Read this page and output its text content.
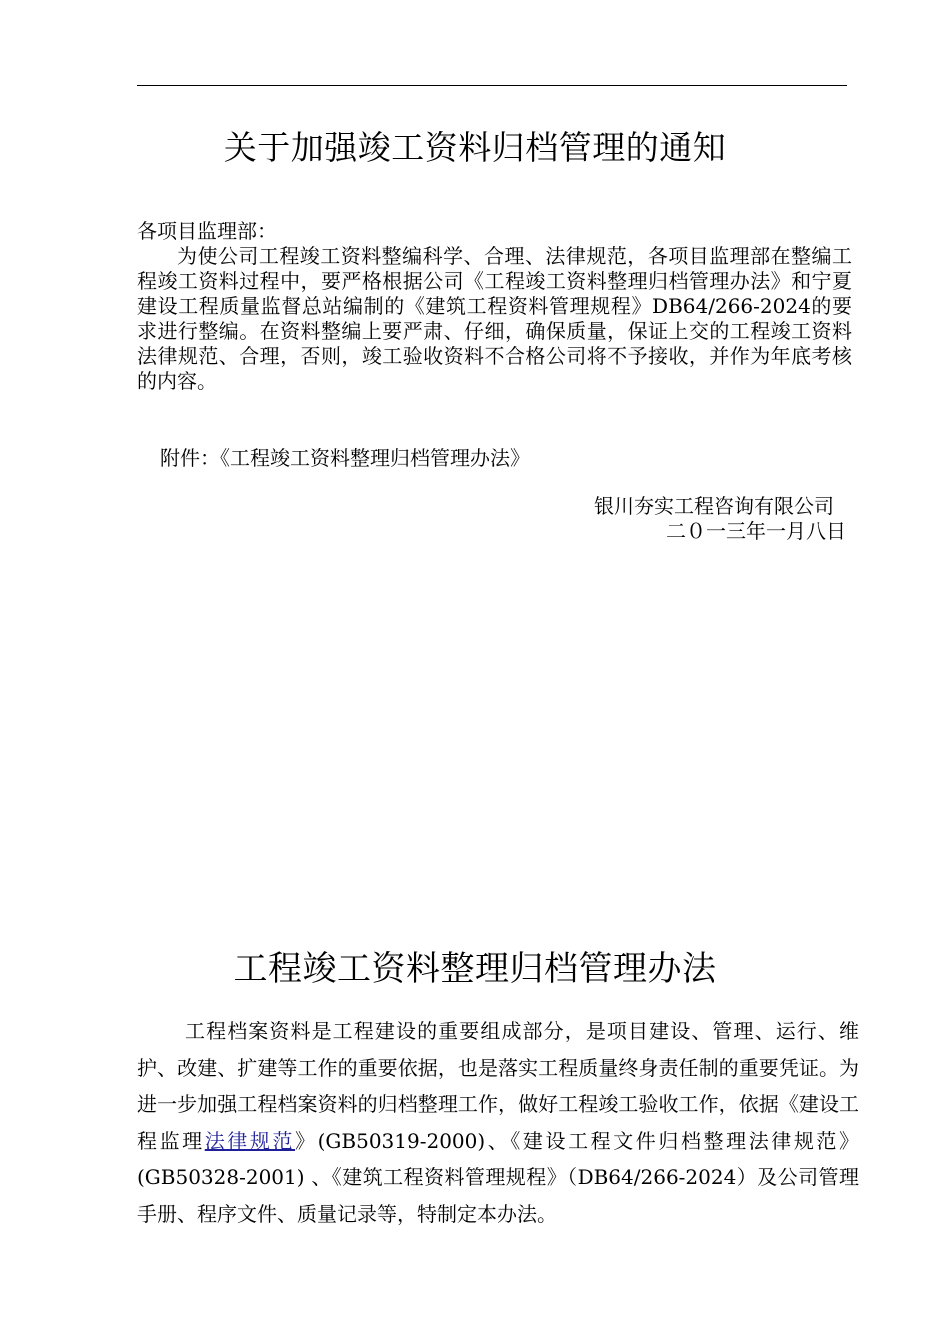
关于加强竣工资料归档管理的通知

各项目监理部：

为使公司工程竣工资料整编科学、合理、法律规范，各项目监理部在整编工程竣工资料过程中，要严格根据公司《工程竣工资料整理归档管理办法》和宁夏建设工程质量监督总站编制的《建筑工程资料管理规程》DB64/266-2024的要求进行整编。在资料整编上要严肃、仔细，确保质量，保证上交的工程竣工资料法律规范、合理，否则，竣工验收资料不合格公司将不予接收，并作为年底考核的内容。

附件：《工程竣工资料整理归档管理办法》
银川夯实工程咨询有限公司
二０一三年一月八日
工程竣工资料整理归档管理办法
工程档案资料是工程建设的重要组成部分，是项目建设、管理、运行、维护、改建、扩建等工作的重要依据，也是落实工程质量终身责任制的重要凭证。为进一步加强工程档案资料的归档整理工作，做好工程竣工验收工作，依据《建设工程监理法律规范》(GB50319-2000)、《建设工程文件归档整理法律规范》(GB50328-2001) 、《建筑工程资料管理规程》（DB64/266-2024）及公司管理手册、程序文件、质量记录等，特制定本办法。
